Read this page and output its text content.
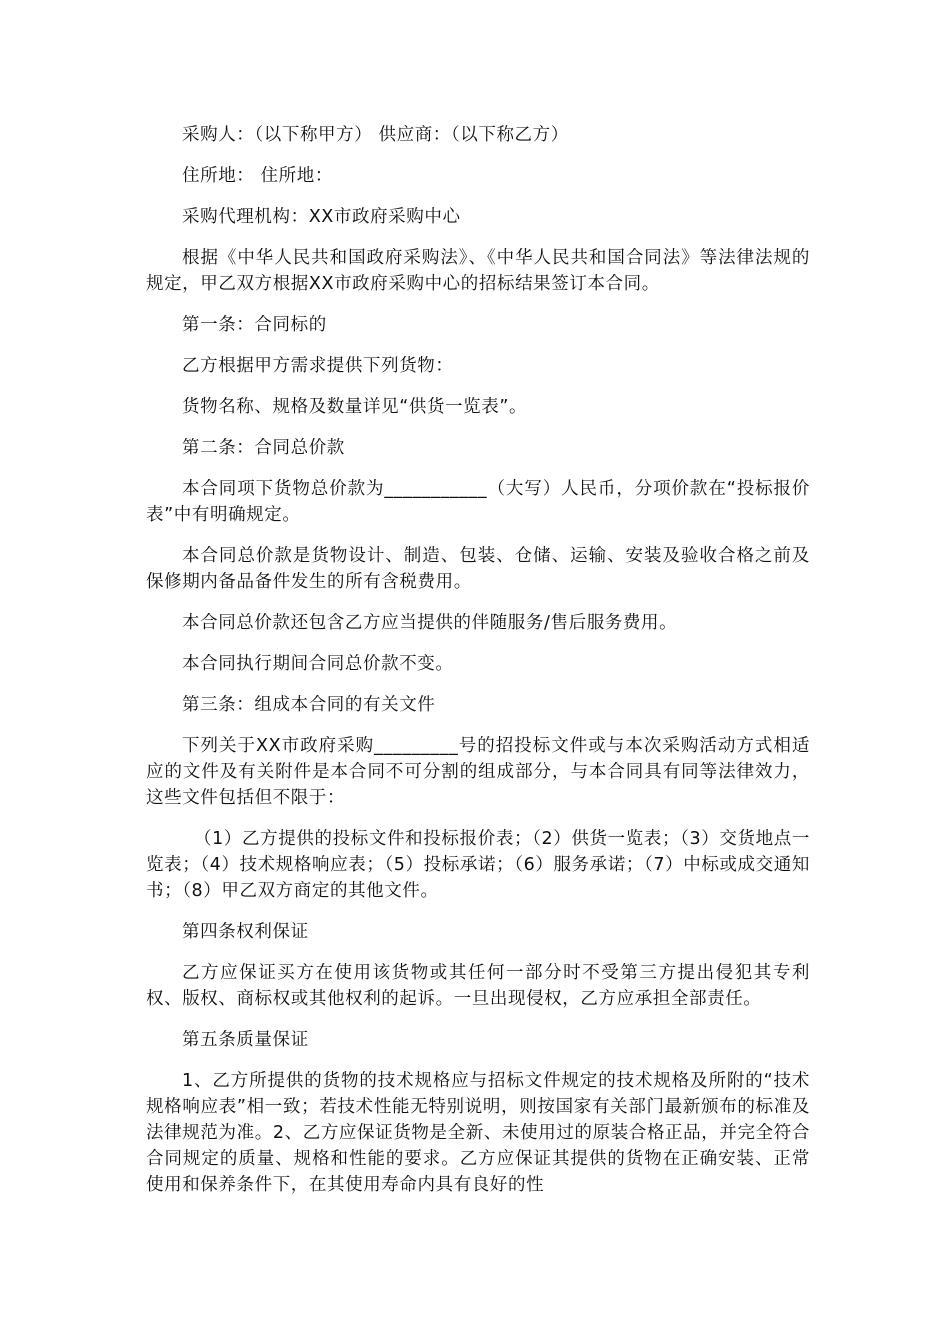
采购人：（以下称甲方） 供应商：（以下称乙方）

住所地： 住所地：

采购代理机构：XX市政府采购中心

根据《中华人民共和国政府采购法》、《中华人民共和国合同法》等法律法规的规定，甲乙双方根据XX市政府采购中心的招标结果签订本合同。

第一条：合同标的

乙方根据甲方需求提供下列货物：

货物名称、规格及数量详见“供货一览表”。

第二条：合同总价款

本合同项下货物总价款为___________（大写）人民币，分项价款在“投标报价表”中有明确规定。

本合同总价款是货物设计、制造、包装、仓储、运输、安装及验收合格之前及保修期内备品备件发生的所有含税费用。

本合同总价款还包含乙方应当提供的伴随服务/售后服务费用。

本合同执行期间合同总价款不变。

第三条：组成本合同的有关文件

下列关于XX市政府采购_________号的招投标文件或与本次采购活动方式相适应的文件及有关附件是本合同不可分割的组成部分，与本合同具有同等法律效力，这些文件包括但不限于：

（1）乙方提供的投标文件和投标报价表；（2）供货一览表；（3）交货地点一览表；（4）技术规格响应表；（5）投标承诺；（6）服务承诺；（7）中标或成交通知书；（8）甲乙双方商定的其他文件。

第四条权利保证

乙方应保证买方在使用该货物或其任何一部分时不受第三方提出侵犯其专利权、版权、商标权或其他权利的起诉。一旦出现侵权，乙方应承担全部责任。

第五条质量保证

1、乙方所提供的货物的技术规格应与招标文件规定的技术规格及所附的“技术规格响应表”相一致；若技术性能无特别说明，则按国家有关部门最新颁布的标准及法律规范为准。2、乙方应保证货物是全新、未使用过的原装合格正品，并完全符合合同规定的质量、规格和性能的要求。乙方应保证其提供的货物在正确安装、正常使用和保养条件下，在其使用寿命内具有良好的性
